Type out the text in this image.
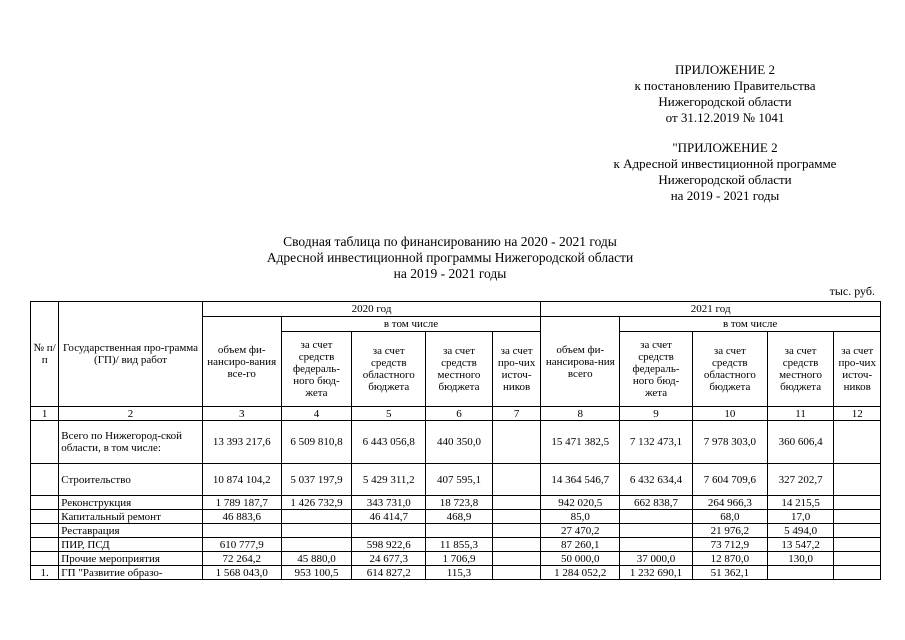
ПРИЛОЖЕНИЕ 2
к постановлению Правительства
Нижегородской области
от 31.12.2019 № 1041
"ПРИЛОЖЕНИЕ 2
к Адресной инвестиционной программе
Нижегородской области
на 2019 - 2021 годы
Сводная таблица по финансированию на 2020 - 2021 годы
Адресной инвестиционной программы Нижегородской области
на 2019 - 2021 годы
тыс. руб.
№ п/п	Государственная про-грамма (ГП)/ вид работ	2020 год					2021 год				
		объем фи-нансиро-вания все-го	в том числе				объем фи-нансирова-ния всего	в том числе			
			за счет средств федераль-ного бюд-жета	за счет средств областного бюджета	за счет средств местного бюджета	за счет про-чих источ-ников		за счет средств федераль-ного бюд-жета	за счет средств областного бюджета	за счет средств местного бюджета	за счет про-чих источ-ников
1	2	3	4	5	6	7	8	9	10	11	12
	Всего по Нижегород-ской области, в том числе:	13 393 217,6	6 509 810,8	6 443 056,8	440 350,0		15 471 382,5	7 132 473,1	7 978 303,0	360 606,4	
	Строительство	10 874 104,2	5 037 197,9	5 429 311,2	407 595,1		14 364 546,7	6 432 634,4	7 604 709,6	327 202,7	
	Реконструкция	1 789 187,7	1 426 732,9	343 731,0	18 723,8		942 020,5	662 838,7	264 966,3	14 215,5	
	Капитальный ремонт	46 883,6		46 414,7	468,9		85,0		68,0	17,0	
	Реставрация						27 470,2		21 976,2	5 494,0	
	ПИР, ПСД	610 777,9		598 922,6	11 855,3		87 260,1		73 712,9	13 547,2	
	Прочие мероприятия	72 264,2	45 880,0	24 677,3	1 706,9		50 000,0	37 000,0	12 870,0	130,0	
1.	ГП "Развитие образо-	1 568 043,0	953 100,5	614 827,2	115,3		1 284 052,2	1 232 690,1	51 362,1		
